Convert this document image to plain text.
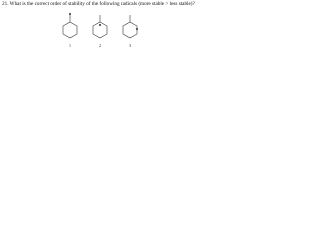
21. What is the correct order of stability of the following radicals (more stable > less stable)?
1	2	3
